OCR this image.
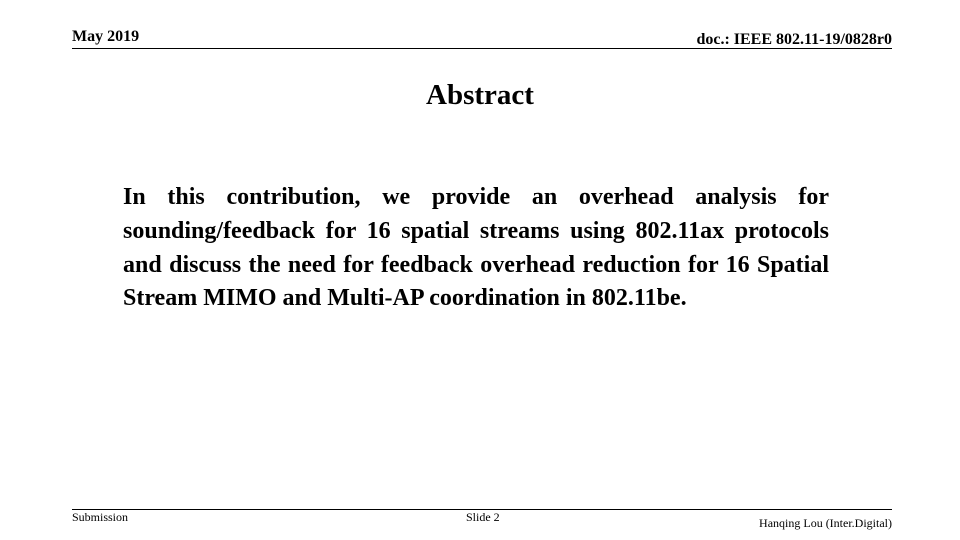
May 2019	doc.: IEEE 802.11-19/0828r0
Abstract

In this contribution, we provide an overhead analysis for sounding/feedback for 16 spatial streams using 802.11ax protocols and discuss the need for feedback overhead reduction for 16 Spatial Stream MIMO and Multi-AP coordination in 802.11be.

Submission	Slide 2	Hanqing Lou (Inter.Digital)
